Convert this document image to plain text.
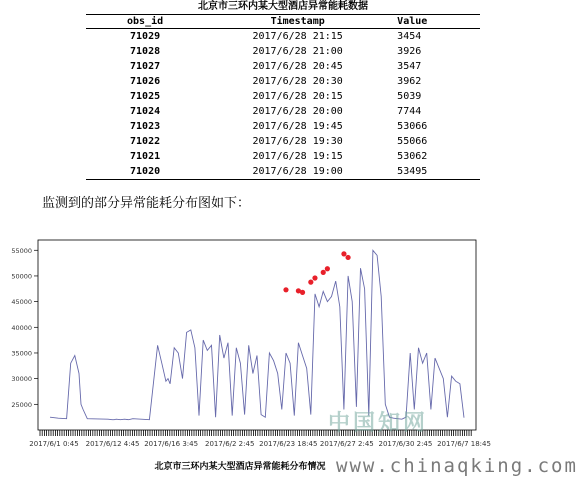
北京市三环内某大型酒店异常能耗数据
obs_id	Timestamp	Value
71029	2017/6/28 21:15	3454
71028	2017/6/28 21:00	3926
71027	2017/6/28 20:45	3547
71026	2017/6/28 20:30	3962
71025	2017/6/28 20:15	5039
71024	2017/6/28 20:00	7744
71023	2017/6/28 19:45	53066
71022	2017/6/28 19:30	55066
71021	2017/6/28 19:15	53062
71020	2017/6/28 19:00	53495
监测到的部分异常能耗分布图如下：
25000
30000
35000
40000
45000
50000
55000
2017/6/1 0:45 2017/6/12 4:45 2017/6/16 3:45 2017/6/2 2:45 2017/6/23 18:45 2017/6/27 2:45 2017/6/30 2:45 2017/6/7 18:45
中国知网
北京市三环内某大型酒店异常能耗分布情况 www.chinaqking.com
